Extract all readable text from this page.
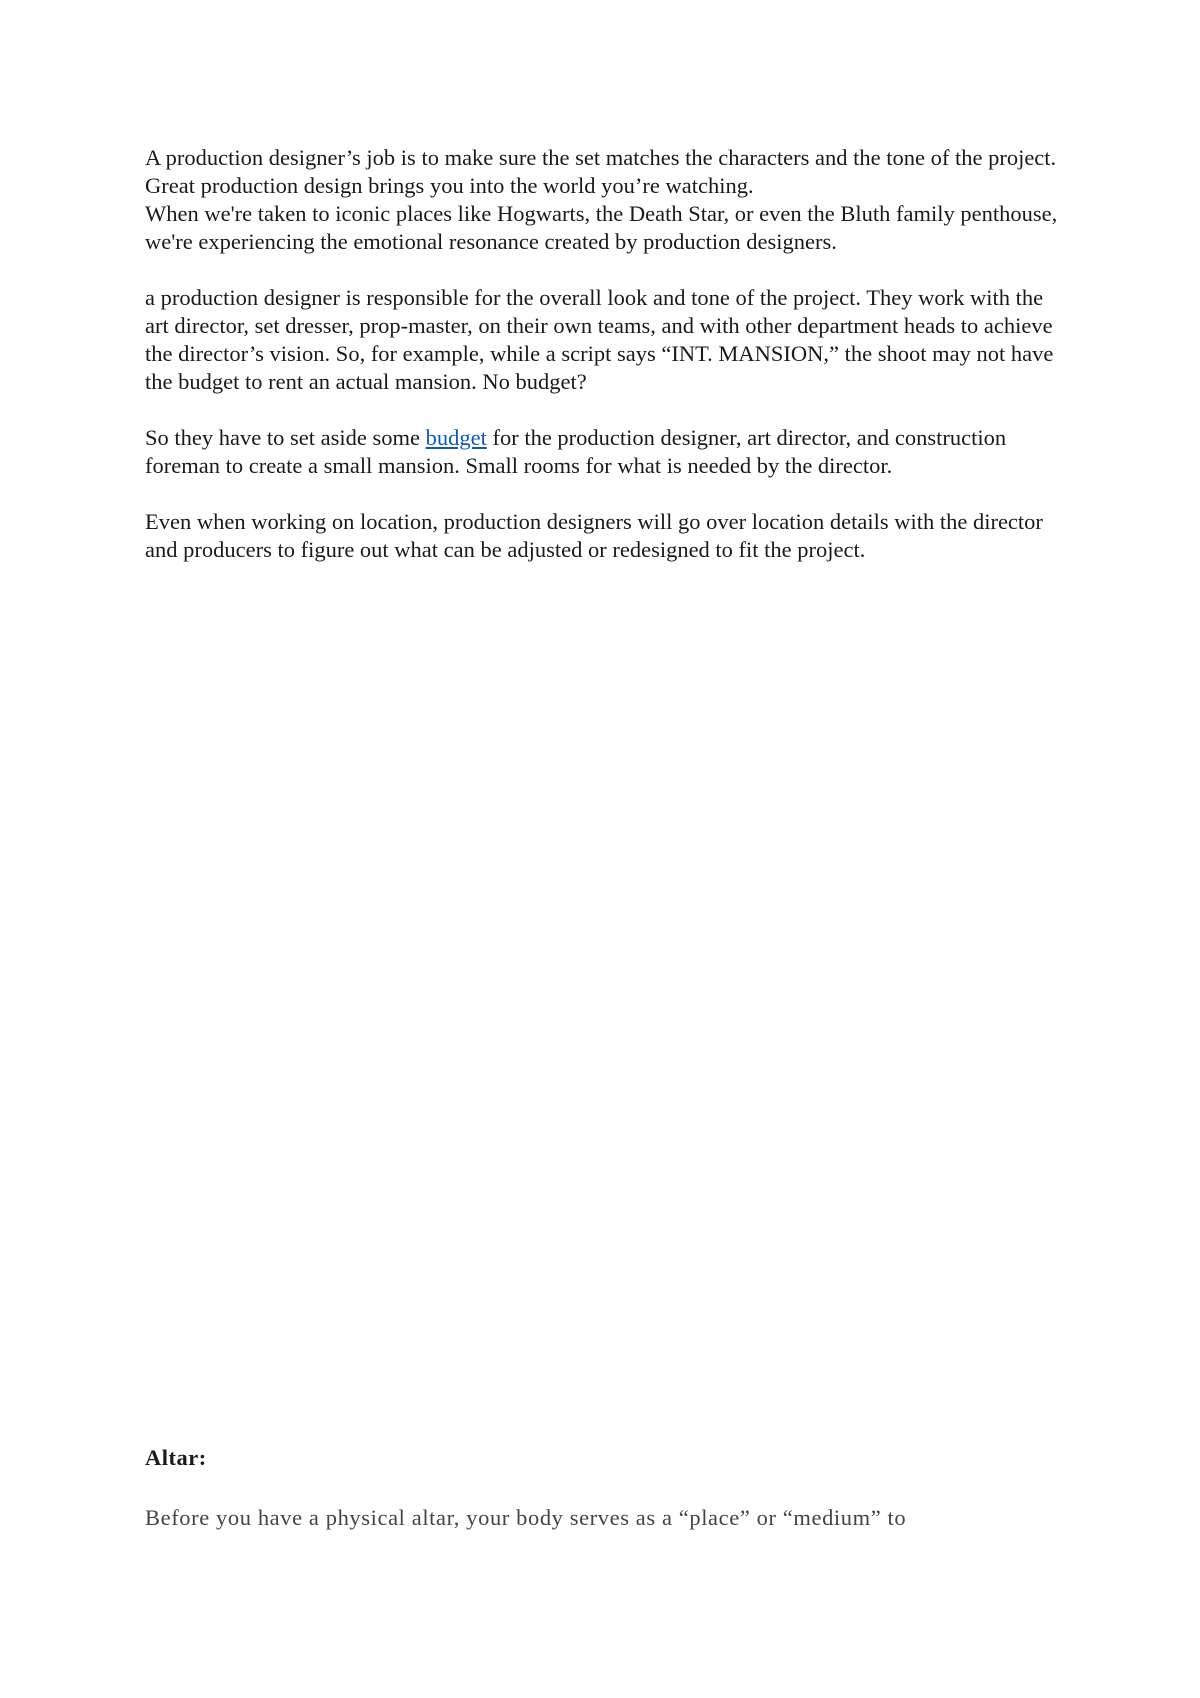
A production designer’s job is to make sure the set matches the characters and the tone of the project. Great production design brings you into the world you’re watching.
When we're taken to iconic places like Hogwarts, the Death Star, or even the Bluth family penthouse, we're experiencing the emotional resonance created by production designers.

a production designer is responsible for the overall look and tone of the project. They work with the art director, set dresser, prop-master, on their own teams, and with other department heads to achieve the director’s vision. So, for example, while a script says “INT. MANSION,” the shoot may not have the budget to rent an actual mansion. No budget?

So they have to set aside some budget for the production designer, art director, and construction foreman to create a small mansion. Small rooms for what is needed by the director.

Even when working on location, production designers will go over location details with the director and producers to figure out what can be adjusted or redesigned to fit the project.

Altar:
Before you have a physical altar, your body serves as a “place” or “medium” to
